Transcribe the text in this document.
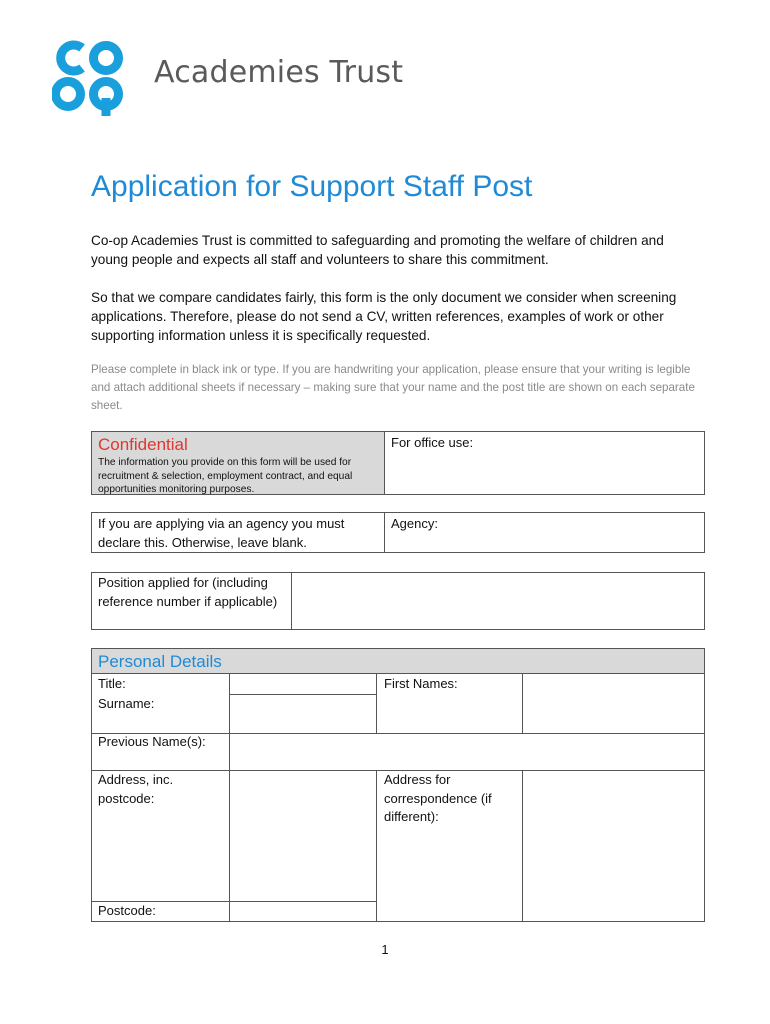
Academies Trust
Application for Support Staff Post
Co-op Academies Trust is committed to safeguarding and promoting the welfare of children and young people and expects all staff and volunteers to share this commitment.
So that we compare candidates fairly, this form is the only document we consider when screening applications. Therefore, please do not send a CV, written references, examples of work or other supporting information unless it is specifically requested.
Please complete in black ink or type. If you are handwriting your application, please ensure that your writing is legible and attach additional sheets if necessary – making sure that your name and the post title are shown on each separate sheet.
Confidential
The information you provide on this form will be used for recruitment & selection, employment contract, and equal opportunities monitoring purposes.
For office use:
If you are applying via an agency you must declare this. Otherwise, leave blank.
Agency:
Position applied for (including reference number if applicable)
Personal Details
Title:
Surname:
First Names:
Previous Name(s):
Address, inc. postcode:
Address for correspondence (if different):
Postcode:
1
